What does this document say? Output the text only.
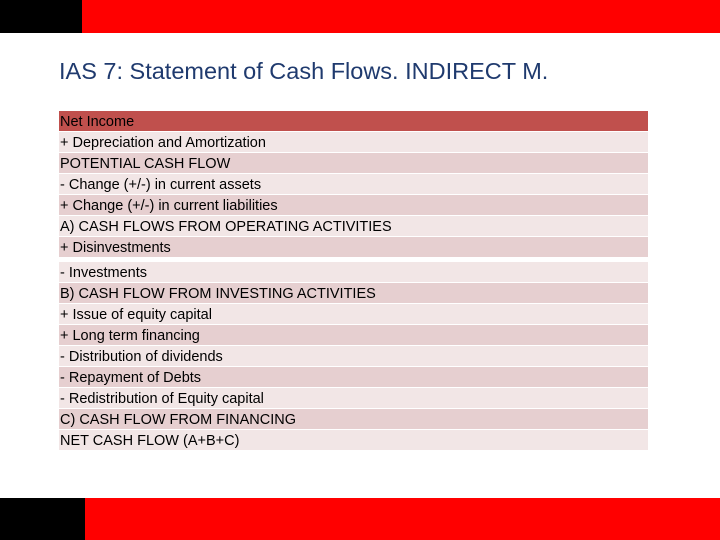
IAS 7: Statement of Cash Flows. INDIRECT M.
Net Income
+ Depreciation and Amortization
POTENTIAL CASH FLOW
- Change (+/-) in current assets
+ Change (+/-) in current liabilities
A) CASH FLOWS FROM OPERATING ACTIVITIES
+ Disinvestments
- Investments
B) CASH FLOW FROM INVESTING ACTIVITIES
+ Issue of equity capital
+ Long term financing
- Distribution of dividends
- Repayment of Debts
- Redistribution of Equity capital
C) CASH FLOW FROM FINANCING
NET CASH FLOW (A+B+C)
